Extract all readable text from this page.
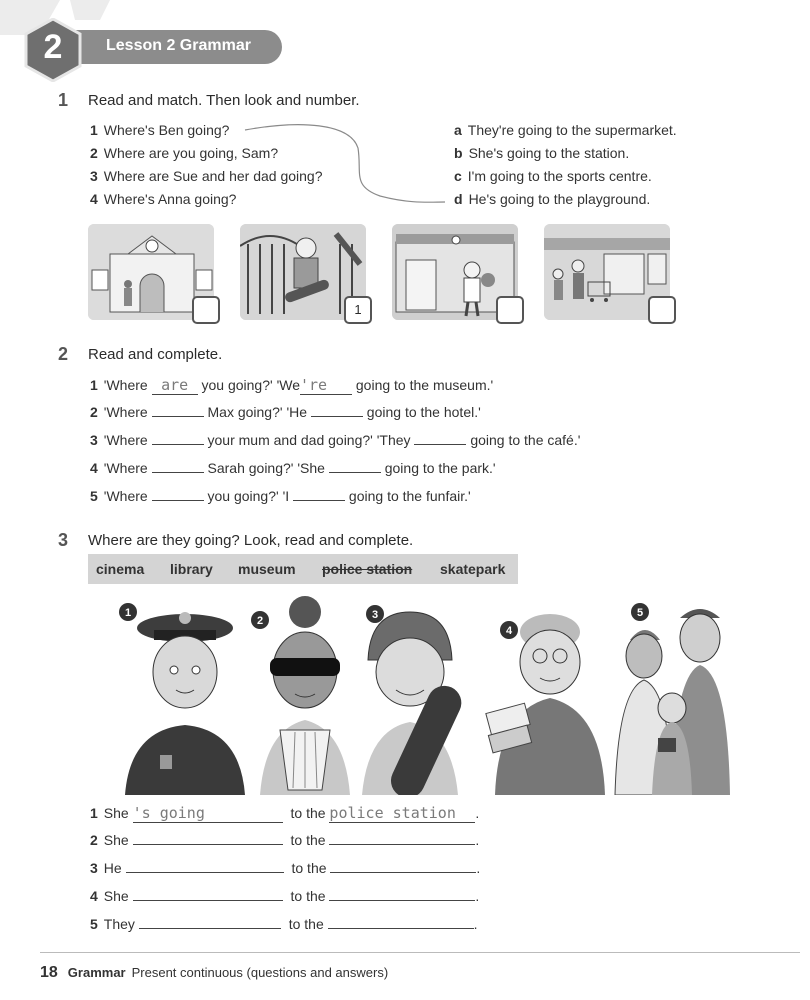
Lesson 2 Grammar
2
1 Read and match. Then look and number.
1 Where's Ben going?
2 Where are you going, Sam?
3 Where are Sue and her dad going?
4 Where's Anna going?
a They're going to the supermarket.
b She's going to the station.
c I'm going to the sports centre.
d He's going to the playground.
1
2 Read and complete.
1 'Where are you going?' 'We're going to the museum.'
2 'Where	Max going?' 'He	going to the hotel.'
3 'Where	your mum and dad going?' 'They	going to the café.'
4 'Where	Sarah going?' 'She	going to the park.'
5 'Where	you going?' 'I	going to the funfair.'
3 Where are they going? Look, read and complete.
cinema library museum police station skatepark
1
2	3
4
5
1 She 's going	to the police station .
2 She	to the	.
3 He	to the	.
4 She	to the	.
5 They	to the	.
18 Grammar Present continuous (questions and answers)
